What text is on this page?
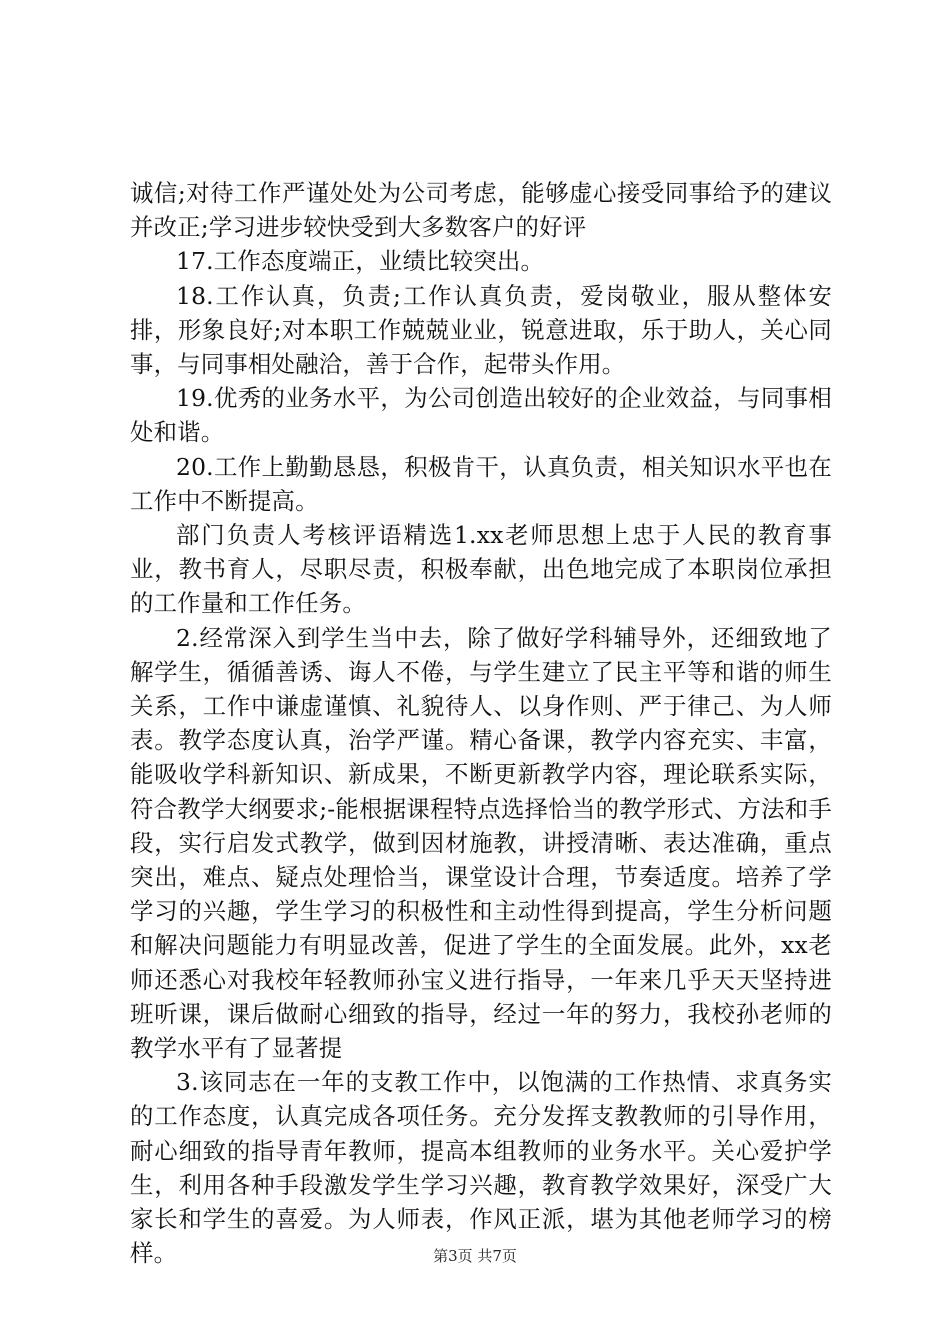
诚信;对待工作严谨处处为公司考虑，能够虚心接受同事给予的建议并改正;学习进步较快受到大多数客户的好评

17.工作态度端正，业绩比较突出。

18.工作认真，负责;工作认真负责，爱岗敬业，服从整体安排，形象良好;对本职工作兢兢业业，锐意进取，乐于助人，关心同事，与同事相处融洽，善于合作，起带头作用。

19.优秀的业务水平，为公司创造出较好的企业效益，与同事相处和谐。

20.工作上勤勤恳恳，积极肯干，认真负责，相关知识水平也在工作中不断提高。

部门负责人考核评语精选1.xx老师思想上忠于人民的教育事业，教书育人，尽职尽责，积极奉献，出色地完成了本职岗位承担的工作量和工作任务。

2.经常深入到学生当中去，除了做好学科辅导外，还细致地了解学生，循循善诱、诲人不倦，与学生建立了民主平等和谐的师生关系，工作中谦虚谨慎、礼貌待人、以身作则、严于律己、为人师表。教学态度认真，治学严谨。精心备课，教学内容充实、丰富，能吸收学科新知识、新成果，不断更新教学内容，理论联系实际，符合教学大纲要求;-能根据课程特点选择恰当的教学形式、方法和手段，实行启发式教学，做到因材施教，讲授清晰、表达准确，重点突出，难点、疑点处理恰当，课堂设计合理，节奏适度。培养了学学习的兴趣，学生学习的积极性和主动性得到提高，学生分析问题和解决问题能力有明显改善，促进了学生的全面发展。此外，xx老师还悉心对我校年轻教师孙宝义进行指导，一年来几乎天天坚持进班听课，课后做耐心细致的指导，经过一年的努力，我校孙老师的教学水平有了显著提

3.该同志在一年的支教工作中，以饱满的工作热情、求真务实的工作态度，认真完成各项任务。充分发挥支教教师的引导作用，耐心细致的指导青年教师，提高本组教师的业务水平。关心爱护学生，利用各种手段激发学生学习兴趣，教育教学效果好，深受广大家长和学生的喜爱。为人师表，作风正派，堪为其他老师学习的榜样。	第3页 共7页
